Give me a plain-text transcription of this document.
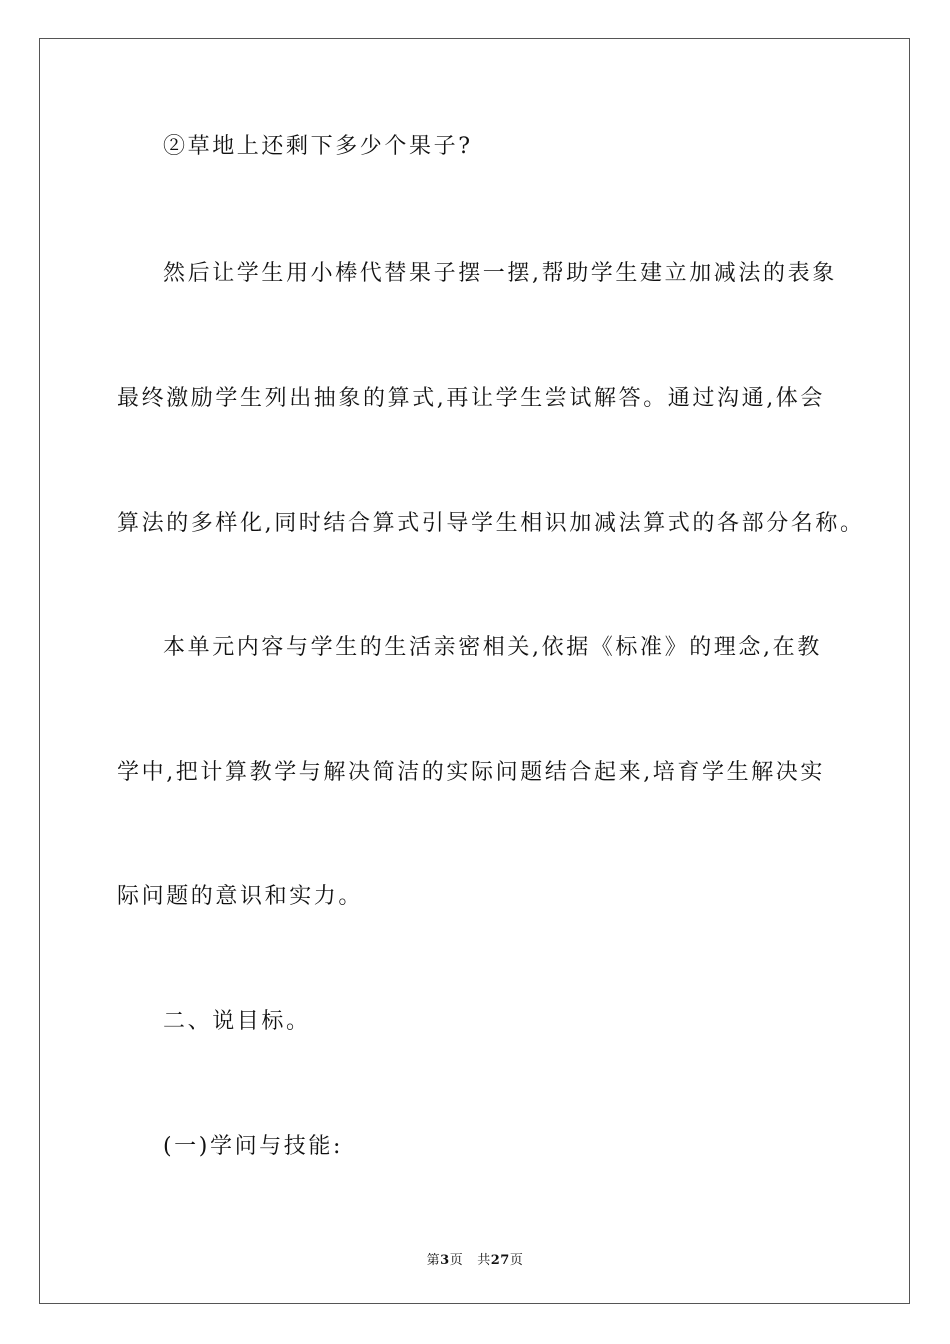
②草地上还剩下多少个果子?
然后让学生用小棒代替果子摆一摆,帮助学生建立加减法的表象
最终激励学生列出抽象的算式,再让学生尝试解答。通过沟通,体会
算法的多样化,同时结合算式引导学生相识加减法算式的各部分名称。
本单元内容与学生的生活亲密相关,依据《标准》的理念,在教
学中,把计算教学与解决简洁的实际问题结合起来,培育学生解决实
际问题的意识和实力。
二、说目标。
(一)学问与技能:
第3页 共27页
